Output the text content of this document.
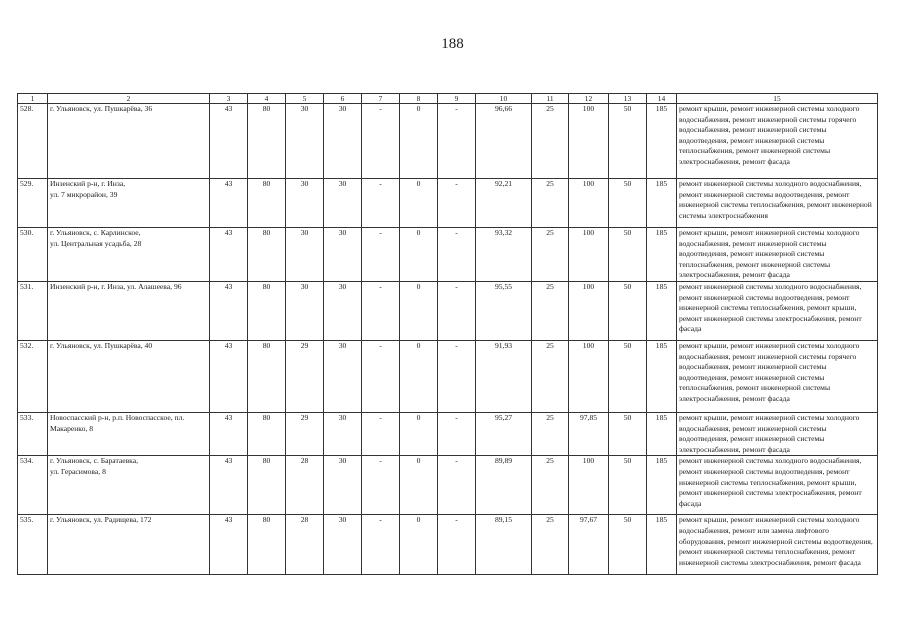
188
1	2	3	4	5	6	7	8	9	10	11	12	13	14	15
528.	г. Ульяновск, ул. Пушкарёва, 36	43	80	30	30	-	0	-	96,66	25	100	50	185	ремонт крыши, ремонт инженерной системы холодного водоснабжения, ремонт инженерной системы горячего водоснабжения, ремонт инженерной системы водоотведения, ремонт инженерной системы теплоснабжения, ремонт инженерной системы электроснабжения, ремонт фасада
529.	Инзенский р-н, г. Инза,
ул. 7 микрорайон, 39	43	80	30	30	-	0	-	92,21	25	100	50	185	ремонт инженерной системы холодного водоснабжения, ремонт инженерной системы водоотведения, ремонт инженерной системы теплоснабжения, ремонт инженерной системы электроснабжения
530.	г. Ульяновск, с. Карлинское,
ул. Центральная усадьба, 28	43	80	30	30	-	0	-	93,32	25	100	50	185	ремонт крыши, ремонт инженерной системы холодного водоснабжения, ремонт инженерной системы водоотведения, ремонт инженерной системы теплоснабжения, ремонт инженерной системы электроснабжения, ремонт фасада
531.	Инзенский р-н, г. Инза, ул. Алашеева, 96	43	80	30	30	-	0	-	95,55	25	100	50	185	ремонт инженерной системы холодного водоснабжения, ремонт инженерной системы водоотведения, ремонт инженерной системы теплоснабжения, ремонт крыши, ремонт инженерной системы электроснабжения, ремонт фасада
532.	г. Ульяновск, ул. Пушкарёва, 40	43	80	29	30	-	0	-	91,93	25	100	50	185	ремонт крыши, ремонт инженерной системы холодного водоснабжения, ремонт инженерной системы горячего водоснабжения, ремонт инженерной системы водоотведения, ремонт инженерной системы теплоснабжения, ремонт инженерной системы электроснабжения, ремонт фасада
533.	Новоспасский р-н, р.п. Новоспасское, пл. Макаренко, 8	43	80	29	30	-	0	-	95,27	25	97,85	50	185	ремонт крыши, ремонт инженерной системы холодного водоснабжения, ремонт инженерной системы водоотведения, ремонт инженерной системы электроснабжения, ремонт фасада
534.	г. Ульяновск, с. Баратаевка,
ул. Герасимова, 8	43	80	28	30	-	0	-	89,89	25	100	50	185	ремонт инженерной системы холодного водоснабжения, ремонт инженерной системы водоотведения, ремонт инженерной системы теплоснабжения, ремонт крыши, ремонт инженерной системы электроснабжения, ремонт фасада
535.	г. Ульяновск, ул. Радищева, 172	43	80	28	30	-	0	-	89,15	25	97,67	50	185	ремонт крыши, ремонт инженерной системы холодного водоснабжения, ремонт или замена лифтового оборудования, ремонт инженерной системы водоотведения, ремонт инженерной системы теплоснабжения, ремонт инженерной системы электроснабжения, ремонт фасада
